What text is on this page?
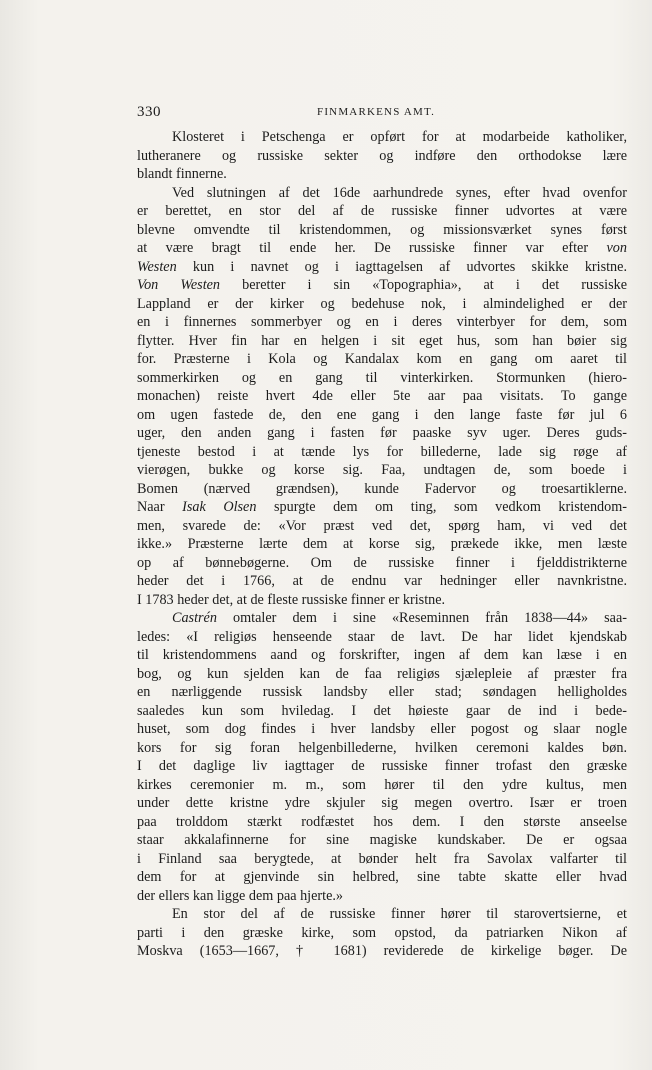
330	FINMARKENS AMT.
Klosteret i Petschenga er opført for at modarbeide katholiker,
lutheranere og russiske sekter og indføre den orthodokse lære
blandt finnerne.
Ved slutningen af det 16de aarhundrede synes, efter hvad ovenfor
er berettet, en stor del af de russiske finner udvortes at være
blevne omvendte til kristendommen, og missionsværket synes først
at være bragt til ende her. De russiske finner var efter von
Westen kun i navnet og i iagttagelsen af udvortes skikke kristne.
Von Westen beretter i sin «Topographia», at i det russiske
Lappland er der kirker og bedehuse nok, i almindelighed er der
en i finnernes sommerbyer og en i deres vinterbyer for dem, som
flytter. Hver fin har en helgen i sit eget hus, som han bøier sig
for. Præsterne i Kola og Kandalax kom en gang om aaret til
sommerkirken og en gang til vinterkirken. Stormunken (hiero-
monachen) reiste hvert 4de eller 5te aar paa visitats. To gange
om ugen fastede de, den ene gang i den lange faste før jul 6
uger, den anden gang i fasten før paaske syv uger. Deres guds-
tjeneste bestod i at tænde lys for billederne, lade sig røge af
vierøgen, bukke og korse sig. Faa, undtagen de, som boede i
Bomen (nærved grændsen), kunde Fadervor og troesartiklerne.
Naar Isak Olsen spurgte dem om ting, som vedkom kristendom-
men, svarede de: «Vor præst ved det, spørg ham, vi ved det
ikke.» Præsterne lærte dem at korse sig, prækede ikke, men læste
op af bønnebøgerne. Om de russiske finner i fjelddistrikterne
heder det i 1766, at de endnu var hedninger eller navnkristne.
I 1783 heder det, at de fleste russiske finner er kristne.
Castrén omtaler dem i sine «Reseminnen från 1838—44» saa-
ledes: «I religiøs henseende staar de lavt. De har lidet kjendskab
til kristendommens aand og forskrifter, ingen af dem kan læse i en
bog, og kun sjelden kan de faa religiøs sjælepleie af præster fra
en nærliggende russisk landsby eller stad; søndagen helligholdes
saaledes kun som hviledag. I det høieste gaar de ind i bede-
huset, som dog findes i hver landsby eller pogost og slaar nogle
kors for sig foran helgenbillederne, hvilken ceremoni kaldes bøn.
I det daglige liv iagttager de russiske finner trofast den græske
kirkes ceremonier m. m., som hører til den ydre kultus, men
under dette kristne ydre skjuler sig megen overtro. Især er troen
paa trolddom stærkt rodfæstet hos dem. I den største anseelse
staar akkalafinnerne for sine magiske kundskaber. De er ogsaa
i Finland saa berygtede, at bønder helt fra Savolax valfarter til
dem for at gjenvinde sin helbred, sine tabte skatte eller hvad
der ellers kan ligge dem paa hjerte.»
En stor del af de russiske finner hører til starovertsierne, et
parti i den græske kirke, som opstod, da patriarken Nikon af
Moskva (1653—1667, † 1681) reviderede de kirkelige bøger. De
